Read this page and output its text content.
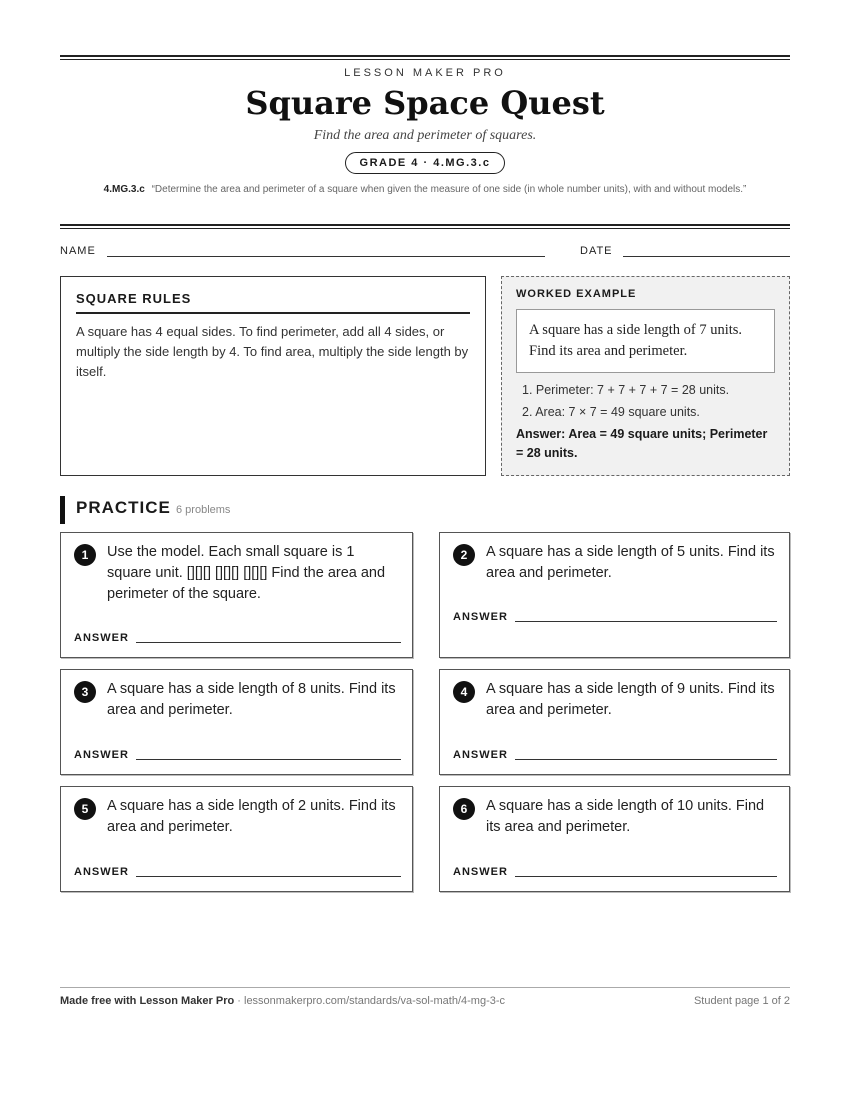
LESSON MAKER PRO
Square Space Quest
Find the area and perimeter of squares.
GRADE 4 · 4.MG.3.c
4.MG.3.c “Determine the area and perimeter of a square when given the measure of one side (in whole number units), with and without models.”
NAME	DATE
SQUARE RULES
A square has 4 equal sides. To find perimeter, add all 4 sides, or multiply the side length by 4. To find area, multiply the side length by itself.
WORKED EXAMPLE
A square has a side length of 7 units. Find its area and perimeter.
1. Perimeter: 7 + 7 + 7 + 7 = 28 units.
2. Area: 7 × 7 = 49 square units.
Answer: Area = 49 square units; Perimeter = 28 units.
PRACTICE 6 problems
1	Use the model. Each small square is 1 square unit. [][][] [][][] [][][] Find the area and perimeter of the square.
ANSWER
2	A square has a side length of 5 units. Find its area and perimeter.
ANSWER
3	A square has a side length of 8 units. Find its area and perimeter.
ANSWER
4	A square has a side length of 9 units. Find its area and perimeter.
ANSWER
5	A square has a side length of 2 units. Find its area and perimeter.
ANSWER
6	A square has a side length of 10 units. Find its area and perimeter.
ANSWER
Made free with Lesson Maker Pro · lessonmakerpro.com/standards/va-sol-math/4-mg-3-c	Student page 1 of 2
